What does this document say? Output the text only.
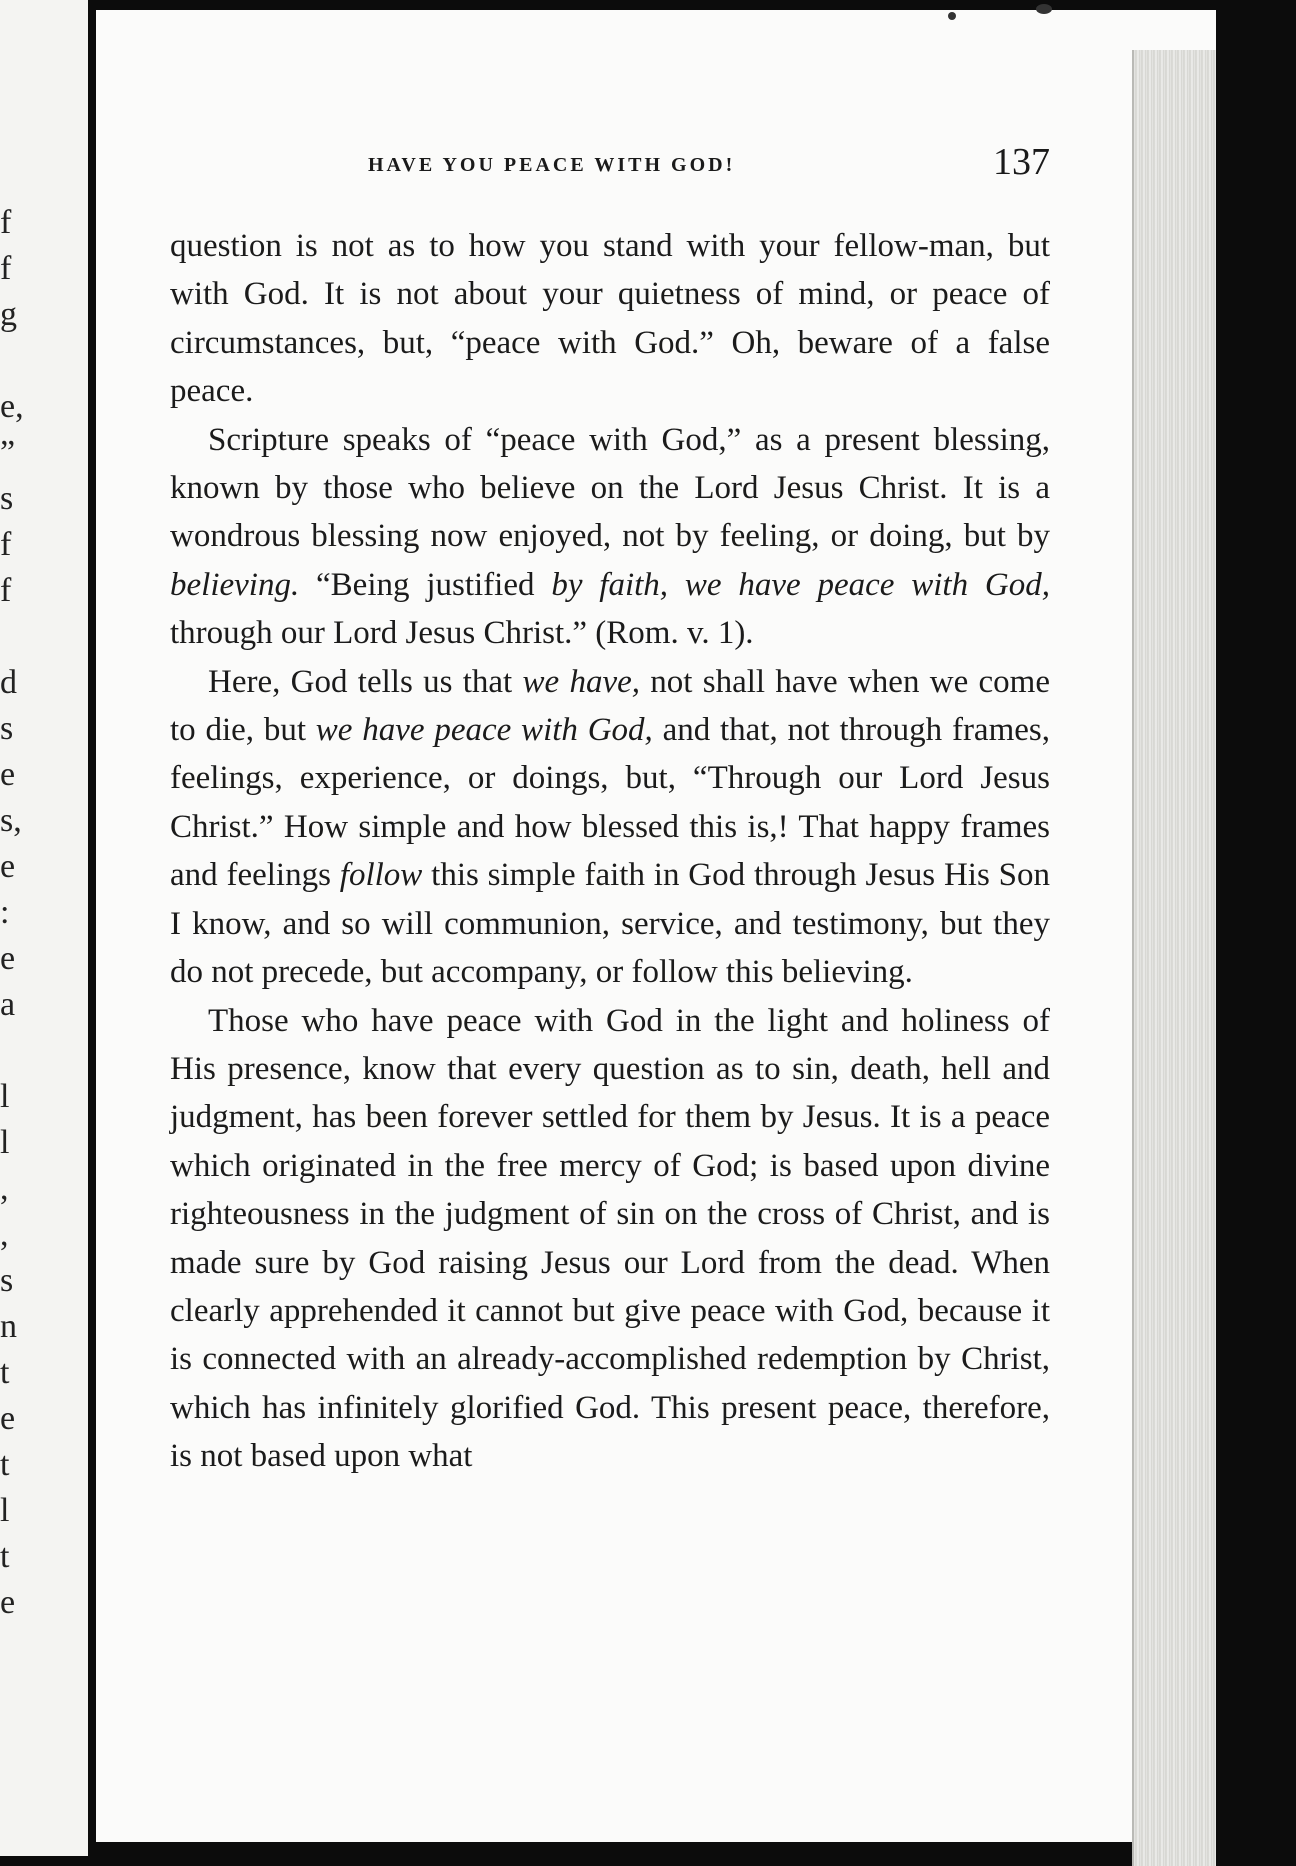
f
f
g
e,
”
s
f
f
d
s
e
s,
e
:
e
a
l
l
,
,
s
n
t
e
t
l
t
e
HAVE YOU PEACE WITH GOD!	137

question is not as to how you stand with your fellow-man, but with God. It is not about your quietness of mind, or peace of circumstances, but, “peace with God.” Oh, beware of a false peace.

Scripture speaks of “peace with God,” as a present blessing, known by those who believe on the Lord Jesus Christ. It is a wondrous blessing now enjoyed, not by feeling, or doing, but by believing. “Being justified by faith, we have peace with God, through our Lord Jesus Christ.” (Rom. v. 1).

Here, God tells us that we have, not shall have when we come to die, but we have peace with God, and that, not through frames, feelings, experience, or doings, but, “Through our Lord Jesus Christ.” How simple and how blessed this is,! That happy frames and feelings follow this simple faith in God through Jesus His Son I know, and so will communion, service, and testimony, but they do not precede, but accompany, or follow this believing.

Those who have peace with God in the light and holiness of His presence, know that every question as to sin, death, hell and judgment, has been forever settled for them by Jesus. It is a peace which originated in the free mercy of God; is based upon divine righteousness in the judgment of sin on the cross of Christ, and is made sure by God raising Jesus our Lord from the dead. When clearly apprehended it cannot but give peace with God, because it is connected with an already-accomplished redemption by Christ, which has infinitely glorified God. This present peace, therefore, is not based upon what
